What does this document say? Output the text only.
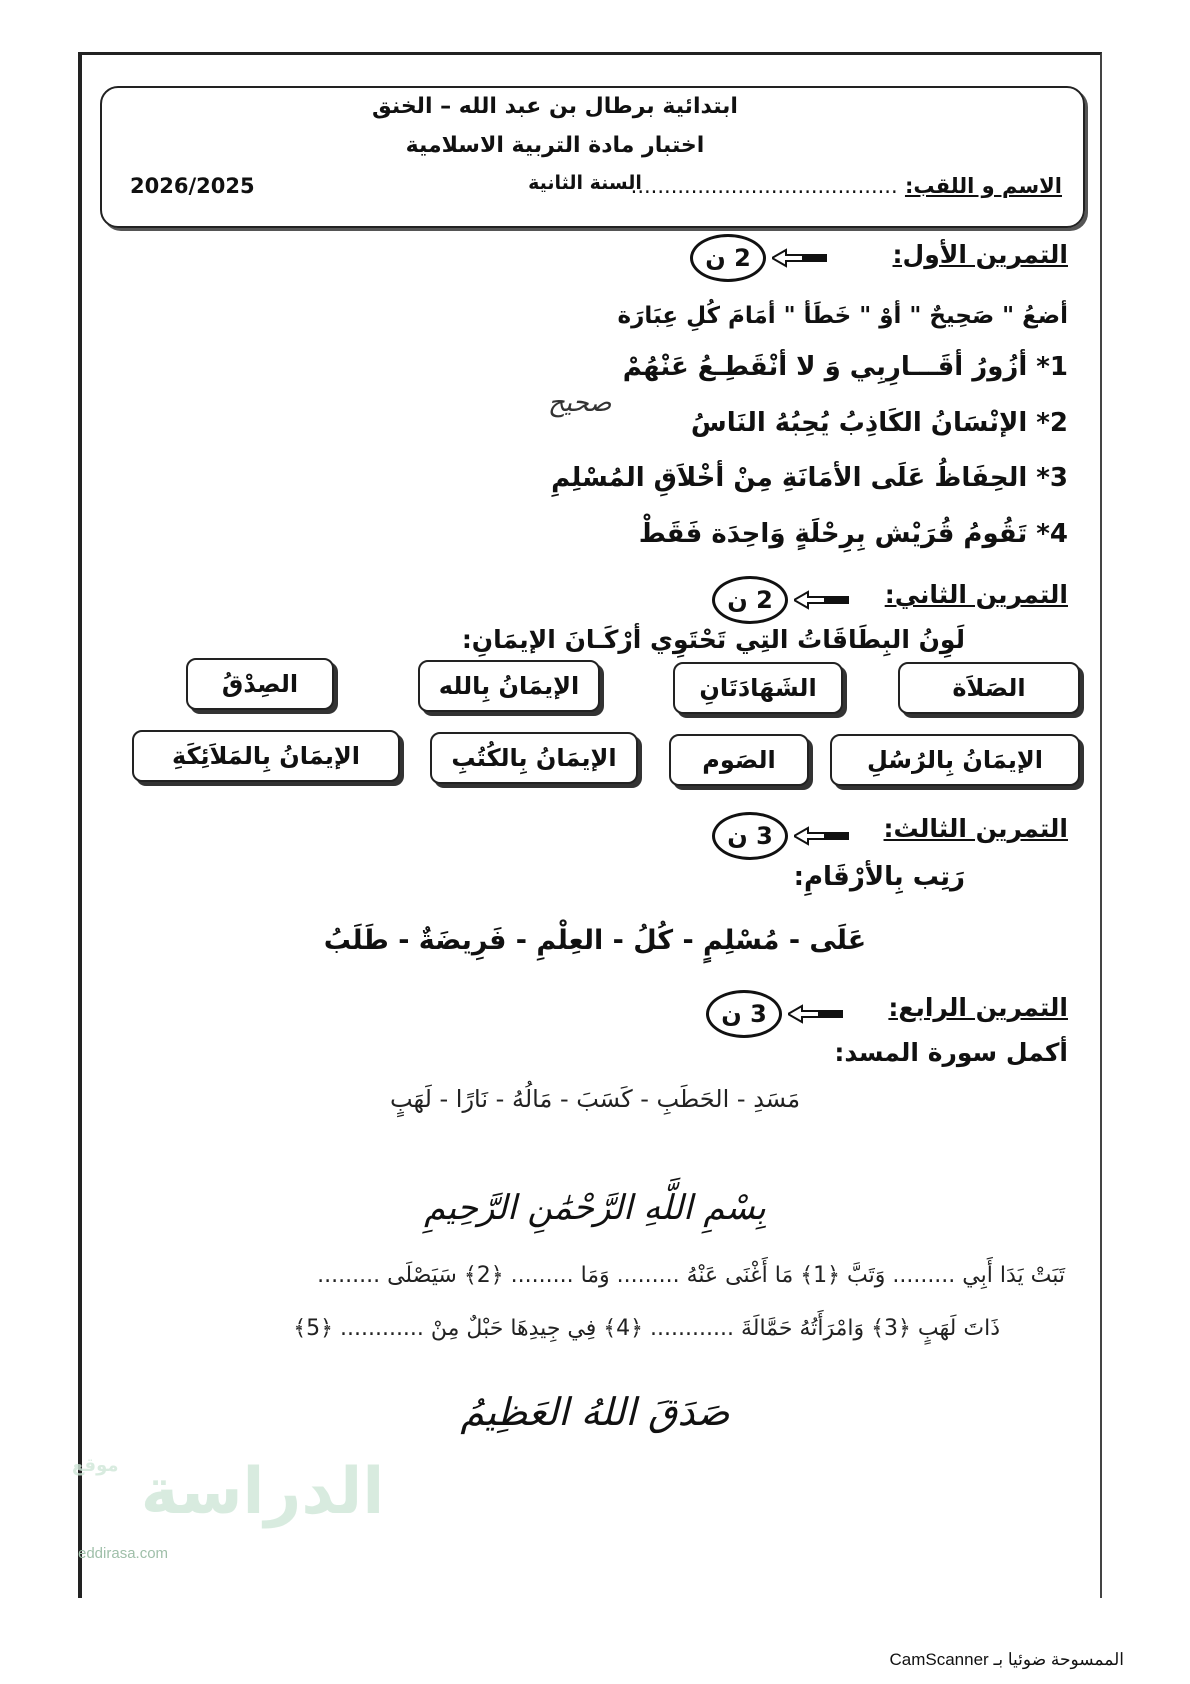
ابتدائية برطال بن عبد الله – الخنق
اختبار مادة التربية الاسلامية
السنة الثانية
2026/2025	الاسم و اللقب: ........................................
التمرين الأول:
2 ن
أضعُ " صَحِيحٌ " أوْ " خَطَأ " أمَامَ كُلِ عِبَارَة
1* أزُورُ أقَـــارِبِي وَ لا أنْقَطِـعُ عَنْهُمْ
2* الإنْسَانُ الكَاذِبُ يُحِبُهُ النَاسُ
3* الحِفَاظُ عَلَى الأمَانَةِ مِنْ أخْلاَقِ المُسْلِمِ
4* تَقُومُ قُرَيْش بِرِحْلَةٍ وَاحِدَة فَقَطْ
صحيح
التمرين الثاني:
2 ن
لَوِنُ البِطَاقَاتُ التِي تَحْتَوِي أرْكَـانَ الإيمَانِ:
الصَلاَة
الشَهَادَتَانِ
الإيمَانُ بِالله
الصِدْقُ
الإيمَانُ بِالرُسُلِ
الصَوم
الإيمَانُ بِالكُتُبِ
الإيمَانُ بِالمَلاَئِكَةِ
التمرين الثالث:
3 ن
رَتِب بِالأرْقَامِ:
عَلَى - مُسْلِمٍ - كُلُ - العِلْمِ - فَرِيضَةٌ - طَلَبُ
التمرين الرابع:
3 ن
أكمل سورة المسد:
مَسَدِ - الحَطَبِ - كَسَبَ - مَالُهُ - نَارًا - لَهَبٍ
بِسْمِ اللَّهِ الرَّحْمَٰنِ الرَّحِيمِ
تَبَتْ يَدَا أَبِي ......... وَتَبَّ ﴿1﴾ مَا أَغْنَى عَنْهُ ......... وَمَا ......... ﴿2﴾ سَيَصْلَى .........
ذَاتَ لَهَبٍ ﴿3﴾ وَامْرَأَتُهُ حَمَّالَةَ ............ ﴿4﴾ فِي جِيدِهَا حَبْلٌ مِنْ ............ ﴿5﴾
صَدَقَ اللهُ العَظِيمُ
الدراسة $^{موقع}$
eddirasa.com
الممسوحة ضوئيا بـ CamScanner
